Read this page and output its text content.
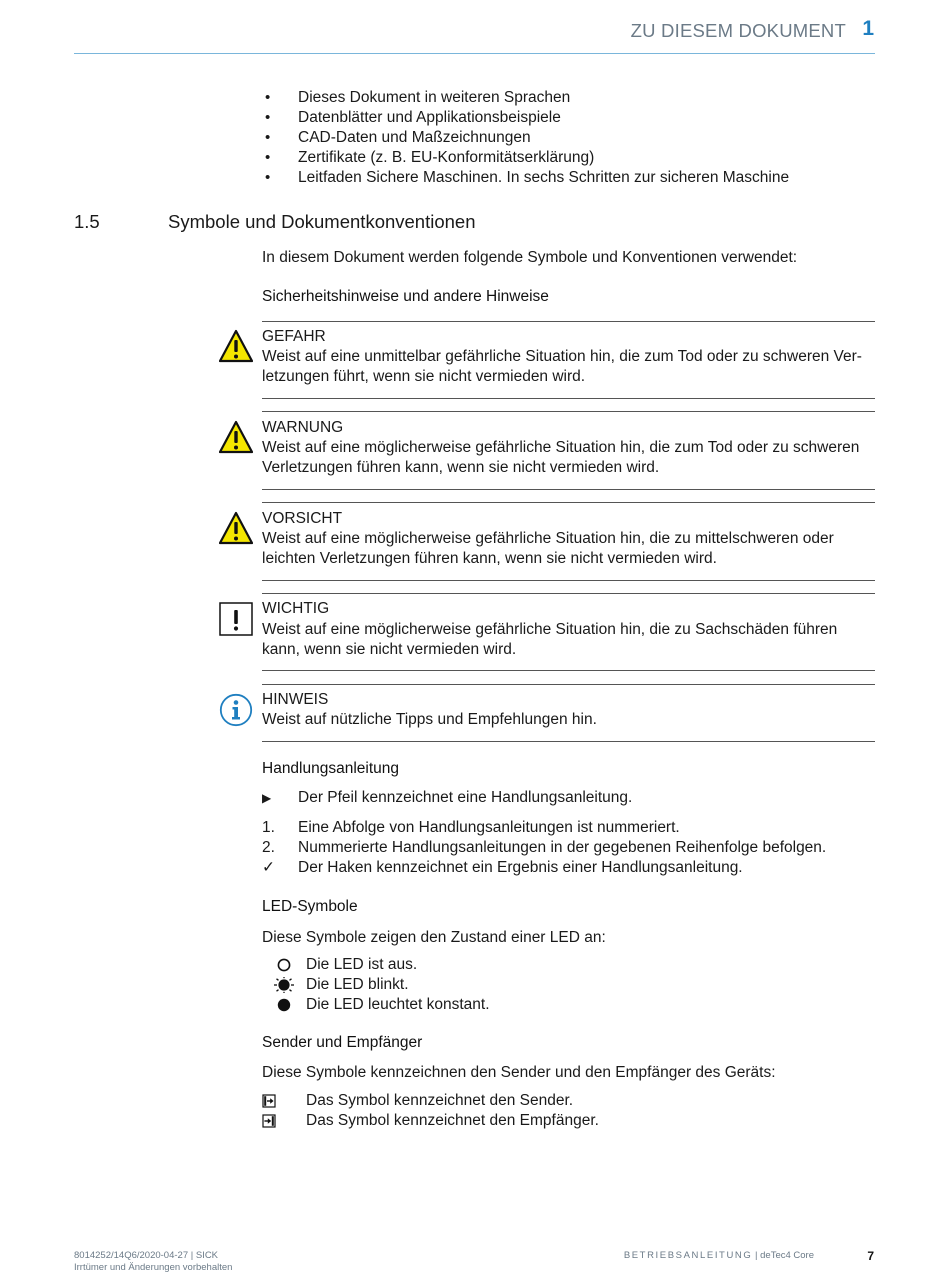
ZU DIESEM DOKUMENT 1
• Dieses Dokument in weiteren Sprachen
• Datenblätter und Applikationsbeispiele
• CAD-Daten und Maßzeichnungen
• Zertifikate (z. B. EU-Konformitätserklärung)
• Leitfaden Sichere Maschinen. In sechs Schritten zur sicheren Maschine
1.5	Symbole und Dokumentkonventionen
In diesem Dokument werden folgende Symbole und Konventionen verwendet:
Sicherheitshinweise und andere Hinweise
GEFAHR
Weist auf eine unmittelbar gefährliche Situation hin, die zum Tod oder zu schweren Ver-
letzungen führt, wenn sie nicht vermieden wird.
WARNUNG
Weist auf eine möglicherweise gefährliche Situation hin, die zum Tod oder zu schweren
Verletzungen führen kann, wenn sie nicht vermieden wird.
VORSICHT
Weist auf eine möglicherweise gefährliche Situation hin, die zu mittelschweren oder
leichten Verletzungen führen kann, wenn sie nicht vermieden wird.
WICHTIG
Weist auf eine möglicherweise gefährliche Situation hin, die zu Sachschäden führen
kann, wenn sie nicht vermieden wird.
HINWEIS
Weist auf nützliche Tipps und Empfehlungen hin.
Handlungsanleitung
▶ Der Pfeil kennzeichnet eine Handlungsanleitung.
1. Eine Abfolge von Handlungsanleitungen ist nummeriert.
2. Nummerierte Handlungsanleitungen in der gegebenen Reihenfolge befolgen.
✓ Der Haken kennzeichnet ein Ergebnis einer Handlungsanleitung.
LED-Symbole
Diese Symbole zeigen den Zustand einer LED an:
Die LED ist aus.
Die LED blinkt.
Die LED leuchtet konstant.
Sender und Empfänger
Diese Symbole kennzeichnen den Sender und den Empfänger des Geräts:
Das Symbol kennzeichnet den Sender.
Das Symbol kennzeichnet den Empfänger.
8014252/14Q6/2020-04-27 | SICK
Irrtümer und Änderungen vorbehalten
BETRIEBSANLEITUNG | deTec4 Core	7
